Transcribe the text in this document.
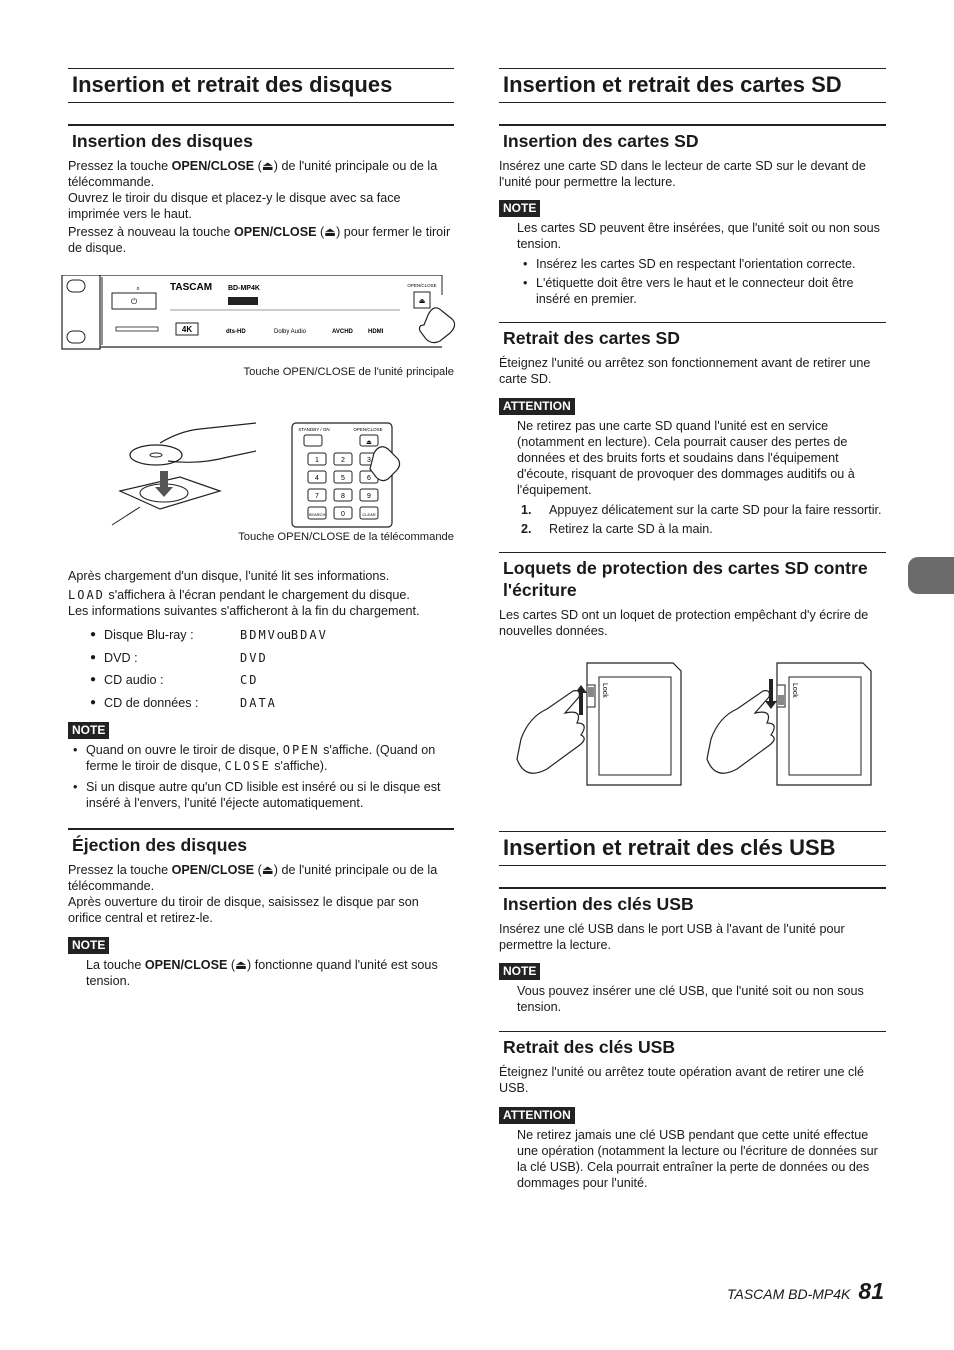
Insertion et retrait des disques
Insertion des disques

Pressez la touche OPEN/CLOSE (⏏) de l'unité principale ou de la télécommande.

Ouvrez le tiroir du disque et placez-y le disque avec sa face imprimée vers le haut.

Pressez à nouveau la touche OPEN/CLOSE (⏏) pour fermer le tiroir de disque.

⏻
o	TASCAM BD-MP4K
4K	dts-HD	Dolby Audio	AVCHD	HDMI
OPEN/CLOSE
⏏
Touche OPEN/CLOSE de l'unité principale
STANDBY / ON	OPEN/CLOSE
⏏
1	2	3
4	5	6
7	8	9
SEARCH 0	CLEAR
Touche OPEN/CLOSE de la télécommande

Après chargement d'un disque, l'unité lit ses informations.

LOAD s'affichera à l'écran pendant le chargement du disque.

Les informations suivantes s'afficheront à la fin du chargement.

● Disque Blu-ray :	BDMV ou BDAV
● DVD :	DVD
● CD audio :	CD
● CD de données :	DATA
NOTE
• Quand on ouvre le tiroir de disque, OPEN s'affiche. (Quand on ferme le tiroir de disque, CLOSE s'affiche).
• Si un disque autre qu'un CD lisible est inséré ou si le disque est inséré à l'envers, l'unité l'éjecte automatiquement.
Éjection des disques

Pressez la touche OPEN/CLOSE (⏏) de l'unité principale ou de la télécommande.

Après ouverture du tiroir de disque, saisissez le disque par son orifice central et retirez-le.

NOTE

La touche OPEN/CLOSE (⏏) fonctionne quand l'unité est sous tension.

Insertion et retrait des cartes SD
Insertion des cartes SD

Insérez une carte SD dans le lecteur de carte SD sur le devant de l'unité pour permettre la lecture.

NOTE

Les cartes SD peuvent être insérées, que l'unité soit ou non sous tension.

• Insérez les cartes SD en respectant l'orientation correcte.
• L'étiquette doit être vers le haut et le connecteur doit être inséré en premier.
Retrait des cartes SD

Éteignez l'unité ou arrêtez son fonctionnement avant de retirer une carte SD.

ATTENTION

Ne retirez pas une carte SD quand l'unité est en service (notamment en lecture). Cela pourrait causer des pertes de données et des bruits forts et soudains dans l'équipement d'écoute, risquant de provoquer des dommages auditifs ou à l'équipement.

1.	Appuyez délicatement sur la carte SD pour la faire ressortir.
2.	Retirez la carte SD à la main.
Loquets de protection des cartes SD contre l'écriture

Les cartes SD ont un loquet de protection empêchant d'y écrire de nouvelles données.

Lock	Lock
Insertion et retrait des clés USB
Insertion des clés USB

Insérez une clé USB dans le port USB à l'avant de l'unité pour permettre la lecture.

NOTE

Vous pouvez insérer une clé USB, que l'unité soit ou non sous tension.

Retrait des clés USB

Éteignez l'unité ou arrêtez toute opération avant de retirer une clé USB.

ATTENTION

Ne retirez jamais une clé USB pendant que cette unité effectue une opération (notamment la lecture ou l'écriture de données sur la clé USB). Cela pourrait entraîner la perte de données ou des dommages pour l'unité.

TASCAM BD-MP4K 81
